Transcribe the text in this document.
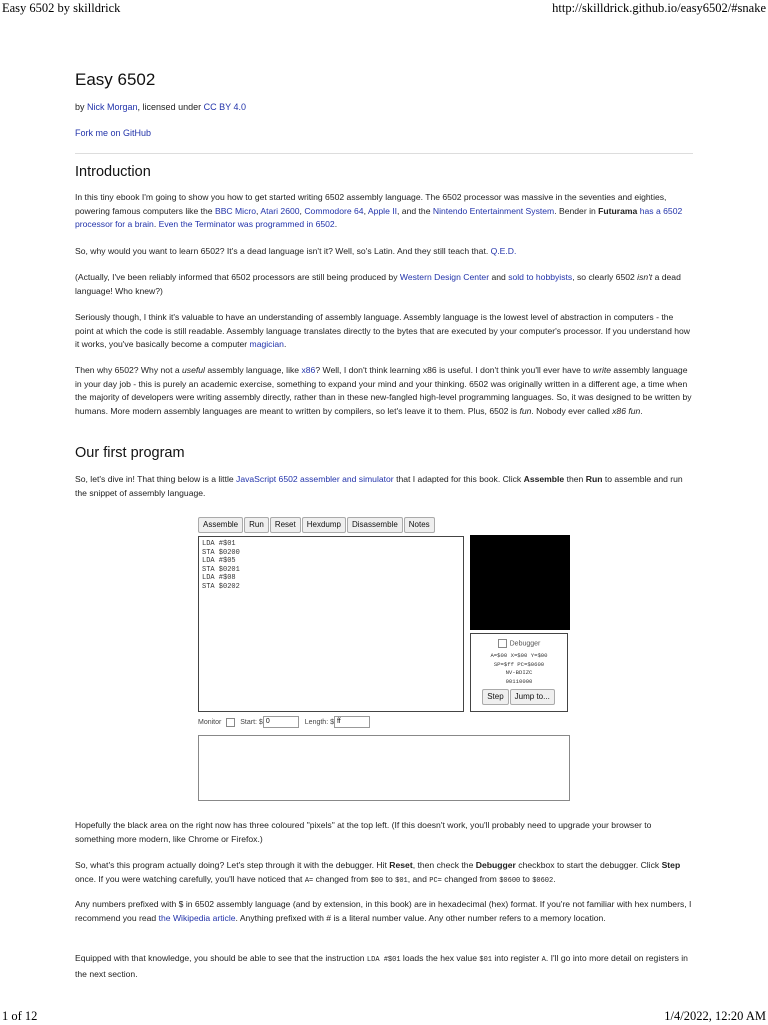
Easy 6502 by skilldrick	http://skilldrick.github.io/easy6502/#snake
Easy 6502
by Nick Morgan, licensed under CC BY 4.0
Fork me on GitHub
Introduction

In this tiny ebook I'm going to show you how to get started writing 6502 assembly language. The 6502 processor was massive in the seventies and eighties, powering famous computers like the BBC Micro, Atari 2600, Commodore 64, Apple II, and the Nintendo Entertainment System. Bender in Futurama has a 6502 processor for a brain. Even the Terminator was programmed in 6502.

So, why would you want to learn 6502? It's a dead language isn't it? Well, so's Latin. And they still teach that. Q.E.D.

(Actually, I've been reliably informed that 6502 processors are still being produced by Western Design Center and sold to hobbyists, so clearly 6502 isn't a dead language! Who knew?)

Seriously though, I think it's valuable to have an understanding of assembly language. Assembly language is the lowest level of abstraction in computers - the point at which the code is still readable. Assembly language translates directly to the bytes that are executed by your computer's processor. If you understand how it works, you've basically become a computer magician.

Then why 6502? Why not a useful assembly language, like x86? Well, I don't think learning x86 is useful. I don't think you'll ever have to write assembly language in your day job - this is purely an academic exercise, something to expand your mind and your thinking. 6502 was originally written in a different age, a time when the majority of developers were writing assembly directly, rather than in these new-fangled high-level programming languages. So, it was designed to be written by humans. More modern assembly languages are meant to written by compilers, so let's leave it to them. Plus, 6502 is fun. Nobody ever called x86 fun.

Our first program

So, let's dive in! That thing below is a little JavaScript 6502 assembler and simulator that I adapted for this book. Click Assemble then Run to assemble and run the snippet of assembly language.

Hopefully the black area on the right now has three coloured "pixels" at the top left. (If this doesn't work, you'll probably need to upgrade your browser to something more modern, like Chrome or Firefox.)

So, what's this program actually doing? Let's step through it with the debugger. Hit Reset, then check the Debugger checkbox to start the debugger. Click Step once. If you were watching carefully, you'll have noticed that A= changed from $00 to $01, and PC= changed from $0600 to $0602.

Any numbers prefixed with $ in 6502 assembly language (and by extension, in this book) are in hexadecimal (hex) format. If you're not familiar with hex numbers, I recommend you read the Wikipedia article. Anything prefixed with # is a literal number value. Any other number refers to a memory location.

Equipped with that knowledge, you should be able to see that the instruction LDA #$01 loads the hex value $01 into register A. I'll go into more detail on registers in the next section.

Assemble Run Reset Hexdump Disassemble Notes
LDA #$01
STA $0200
LDA #$05
STA $0201
LDA #$08
STA $0202
Debugger
A=$00 X=$00 Y=$00
SP=$ff PC=$0600
NV-BDIZC
00110000
Step Jump to...
Monitor	Start: $ 0	Length: $ ff
1 of 12	1/4/2022, 12:20 AM
